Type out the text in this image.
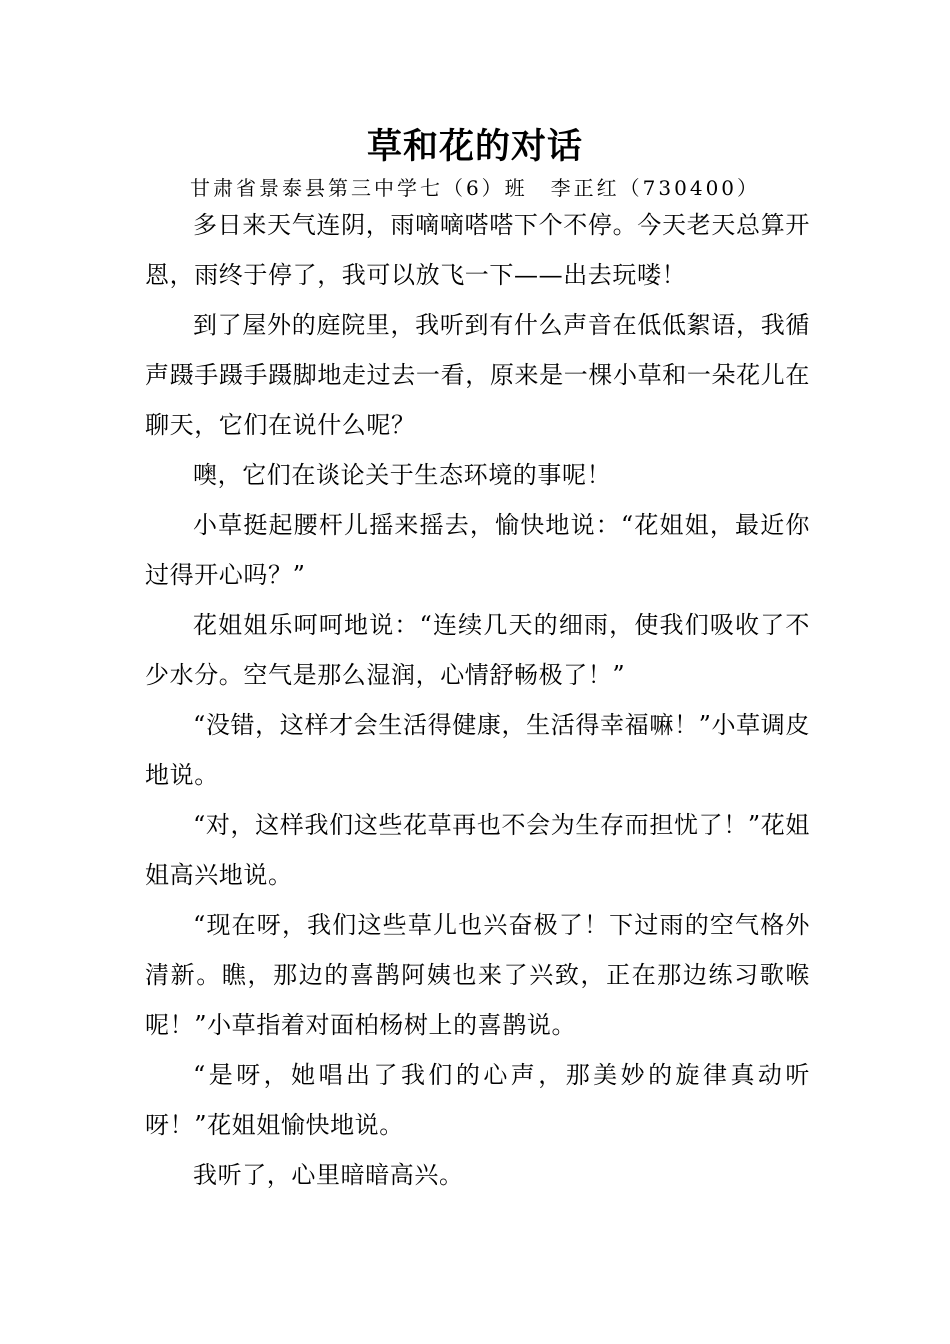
草和花的对话
甘肃省景泰县第三中学七（6）班　李正红（730400）

多日来天气连阴，雨嘀嘀嗒嗒下个不停。今天老天总算开恩，雨终于停了，我可以放飞一下——出去玩喽！

到了屋外的庭院里，我听到有什么声音在低低絮语，我循声蹑手蹑手蹑脚地走过去一看，原来是一棵小草和一朵花儿在聊天，它们在说什么呢？

噢，它们在谈论关于生态环境的事呢！

小草挺起腰杆儿摇来摇去，愉快地说：“花姐姐，最近你过得开心吗？”

花姐姐乐呵呵地说：“连续几天的细雨，使我们吸收了不少水分。空气是那么湿润，心情舒畅极了！”

“没错，这样才会生活得健康，生活得幸福嘛！”小草调皮地说。

“对，这样我们这些花草再也不会为生存而担忧了！”花姐姐高兴地说。

“现在呀，我们这些草儿也兴奋极了！下过雨的空气格外清新。瞧，那边的喜鹊阿姨也来了兴致，正在那边练习歌喉呢！”小草指着对面柏杨树上的喜鹊说。

“是呀，她唱出了我们的心声，那美妙的旋律真动听呀！”花姐姐愉快地说。

我听了，心里暗暗高兴。
